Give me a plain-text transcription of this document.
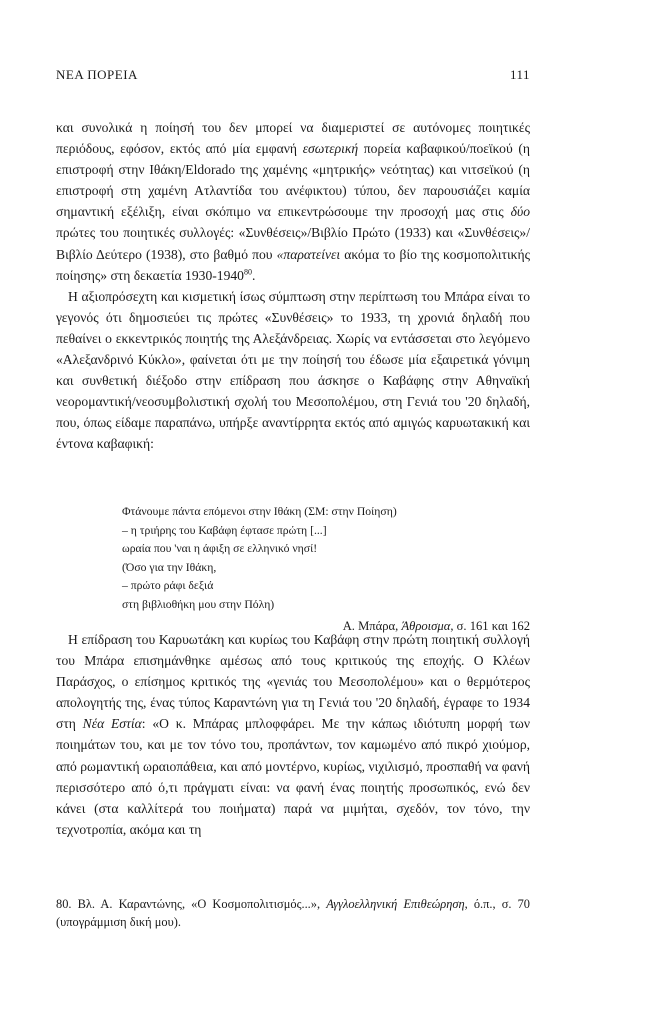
ΝΕΑ ΠΟΡΕΙΑ	111

και συνολικά η ποίησή του δεν μπορεί να διαμεριστεί σε αυτόνομες ποιητικές περιόδους, εφόσον, εκτός από μία εμφανή εσωτερική πορεία καβαφικού/ποεϊκού (η επιστροφή στην Ιθάκη/Eldorado της χαμένης «μητρικής» νεότητας) και νιτσεϊκού (η επιστροφή στη χαμένη Ατλαντίδα του ανέφικτου) τύπου, δεν παρουσιάζει καμία σημαντική εξέλιξη, είναι σκόπιμο να επικεντρώσουμε την προσοχή μας στις δύο πρώτες του ποιητικές συλλογές: «Συνθέσεις»/Βιβλίο Πρώτο (1933) και «Συνθέσεις»/ Βιβλίο Δεύτερο (1938), στο βαθμό που «παρατείνει ακόμα το βίο της κοσμοπολιτικής ποίησης» στη δεκαετία 1930-1940$^{80}$.

Η αξιοπρόσεχτη και κισμετική ίσως σύμπτωση στην περίπτωση του Μπάρα είναι το γεγονός ότι δημοσιεύει τις πρώτες «Συνθέσεις» το 1933, τη χρονιά δηλαδή που πεθαίνει ο εκκεντρικός ποιητής της Αλεξάνδρειας. Χωρίς να εντάσσεται στο λεγόμενο «Αλεξανδρινό Κύκλο», φαίνεται ότι με την ποίησή του έδωσε μία εξαιρετικά γόνιμη και συνθετική διέξοδο στην επίδραση που άσκησε ο Καβάφης στην Αθηναϊκή νεορομαντική/νεοσυμβολιστική σχολή του Μεσοπολέμου, στη Γενιά του '20 δηλαδή, που, όπως είδαμε παραπάνω, υπήρξε αναντίρρητα εκτός από αμιγώς καρυωτακική και έντονα καβαφική:

Φτάνουμε πάντα επόμενοι στην Ιθάκη (ΣΜ: στην Ποίηση)
– η τριήρης του Καβάφη έφτασε πρώτη [...]
ωραία που 'ναι η άφιξη σε ελληνικό νησί!
(Όσο για την Ιθάκη,
– πρώτο ράφι δεξιά
στη βιβλιοθήκη μου στην Πόλη)
Α. Μπάρα, Άθροισμα, σ. 161 και 162

Η επίδραση του Καρυωτάκη και κυρίως του Καβάφη στην πρώτη ποιητική συλλογή του Μπάρα επισημάνθηκε αμέσως από τους κριτικούς της εποχής. Ο Κλέων Παράσχος, ο επίσημος κριτικός της «γενιάς του Μεσοπολέμου» και ο θερμότερος απολογητής της, ένας τύπος Καραντώνη για τη Γενιά του '20 δηλαδή, έγραφε το 1934 στη Νέα Εστία: «Ο κ. Μπάρας μπλοφφάρει. Με την κάπως ιδιότυπη μορφή των ποιημάτων του, και με τον τόνο του, προπάντων, τον καμωμένο από πικρό χιούμορ, από ρωμαντική ωραιοπάθεια, και από μοντέρνο, κυρίως, νιχιλισμό, προσπαθή να φανή περισσότερο από ό,τι πράγματι είναι: να φανή ένας ποιητής προσωπικός, ενώ δεν κάνει (στα καλλίτερά του ποιήματα) παρά να μιμήται, σχεδόν, τον τόνο, την τεχνοτροπία, ακόμα και τη

80. Βλ. Α. Καραντώνης, «Ο Κοσμοπολιτισμός...», Αγγλοελληνική Επιθεώρηση, ό.π., σ. 70 (υπογράμμιση δική μου).
